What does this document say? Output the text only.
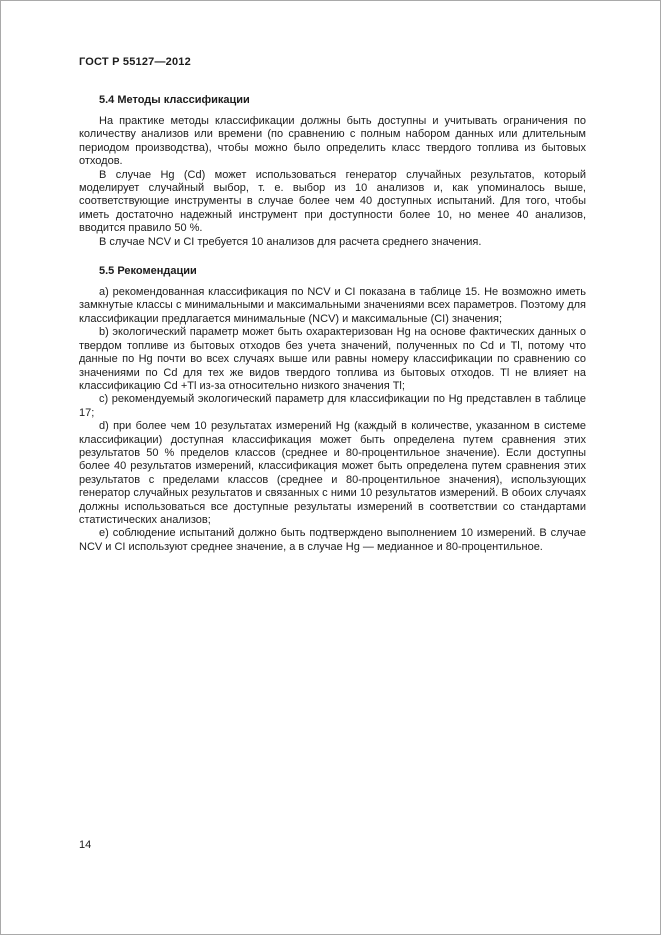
ГОСТ Р 55127—2012
5.4 Методы классификации

На практике методы классификации должны быть доступны и учитывать ограничения по количеству анализов или времени (по сравнению с полным набором данных или длительным периодом производства), чтобы можно было определить класс твердого топлива из бытовых отходов.

В случае Hg (Cd) может использоваться генератор случайных результатов, который моделирует случайный выбор, т. е. выбор из 10 анализов и, как упоминалось выше, соответствующие инструменты в случае более чем 40 доступных испытаний. Для того, чтобы иметь достаточно надежный инструмент при доступности более 10, но менее 40 анализов, вводится правило 50 %.

В случае NCV и CI требуется 10 анализов для расчета среднего значения.

5.5 Рекомендации

а) рекомендованная классификация по NCV и CI показана в таблице 15. Не возможно иметь замкнутые классы с минимальными и максимальными значениями всех параметров. Поэтому для классификации предлагается минимальные (NCV) и максимальные (CI) значения;

b) экологический параметр может быть охарактеризован Hg на основе фактических данных о твердом топливе из бытовых отходов без учета значений, полученных по Cd и Tl, потому что данные по Hg почти во всех случаях выше или равны номеру классификации по сравнению со значениями по Cd для тех же видов твердого топлива из бытовых отходов. Tl не влияет на классификацию Cd +Tl из-за относительно низкого значения Tl;

c) рекомендуемый экологический параметр для классификации по Hg представлен в таблице 17;

d) при более чем 10 результатах измерений Hg (каждый в количестве, указанном в системе классификации) доступная классификация может быть определена путем сравнения этих результатов 50 % пределов классов (среднее и 80-процентильное значение). Если доступны более 40 результатов измерений, классификация может быть определена путем сравнения этих результатов с пределами классов (среднее и 80-процентильное значения), использующих генератор случайных результатов и связанных с ними 10 результатов измерений. В обоих случаях должны использоваться все доступные результаты измерений в соответствии со стандартами статистических анализов;

e) соблюдение испытаний должно быть подтверждено выполнением 10 измерений. В случае NCV и CI используют среднее значение, а в случае Hg — медианное и 80-процентильное.

14
